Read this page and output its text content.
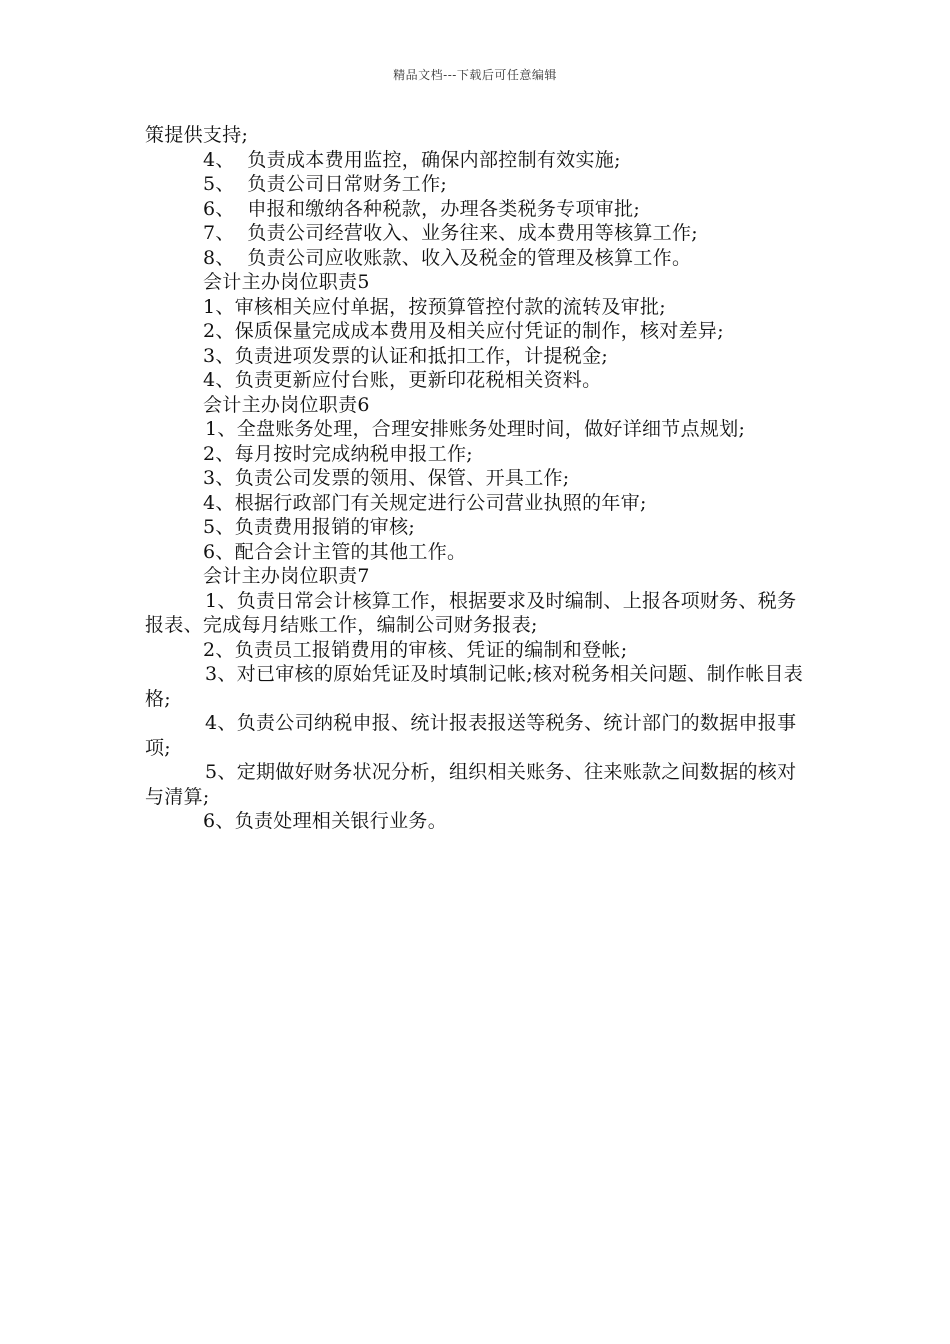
精品文档---下载后可任意编辑

策提供支持;

4、  负责成本费用监控，确保内部控制有效实施;

5、  负责公司日常财务工作;

6、  申报和缴纳各种税款，办理各类税务专项审批;

7、  负责公司经营收入、业务往来、成本费用等核算工作;

8、  负责公司应收账款、收入及税金的管理及核算工作。

会计主办岗位职责5

1、审核相关应付单据，按预算管控付款的流转及审批;

2、保质保量完成成本费用及相关应付凭证的制作，核对差异;

3、负责进项发票的认证和抵扣工作，计提税金;

4、负责更新应付台账，更新印花税相关资料。

会计主办岗位职责6

1、全盘账务处理，合理安排账务处理时间，做好详细节点规划;

2、每月按时完成纳税申报工作;

3、负责公司发票的领用、保管、开具工作;

4、根据行政部门有关规定进行公司营业执照的年审;

5、负责费用报销的审核;

6、配合会计主管的其他工作。

会计主办岗位职责7

1、负责日常会计核算工作，根据要求及时编制、上报各项财务、税务报表、完成每月结账工作，编制公司财务报表;

2、负责员工报销费用的审核、凭证的编制和登帐;

3、对已审核的原始凭证及时填制记帐;核对税务相关问题、制作帐目表格;

4、负责公司纳税申报、统计报表报送等税务、统计部门的数据申报事项;

5、定期做好财务状况分析，组织相关账务、往来账款之间数据的核对与清算;

6、负责处理相关银行业务。
